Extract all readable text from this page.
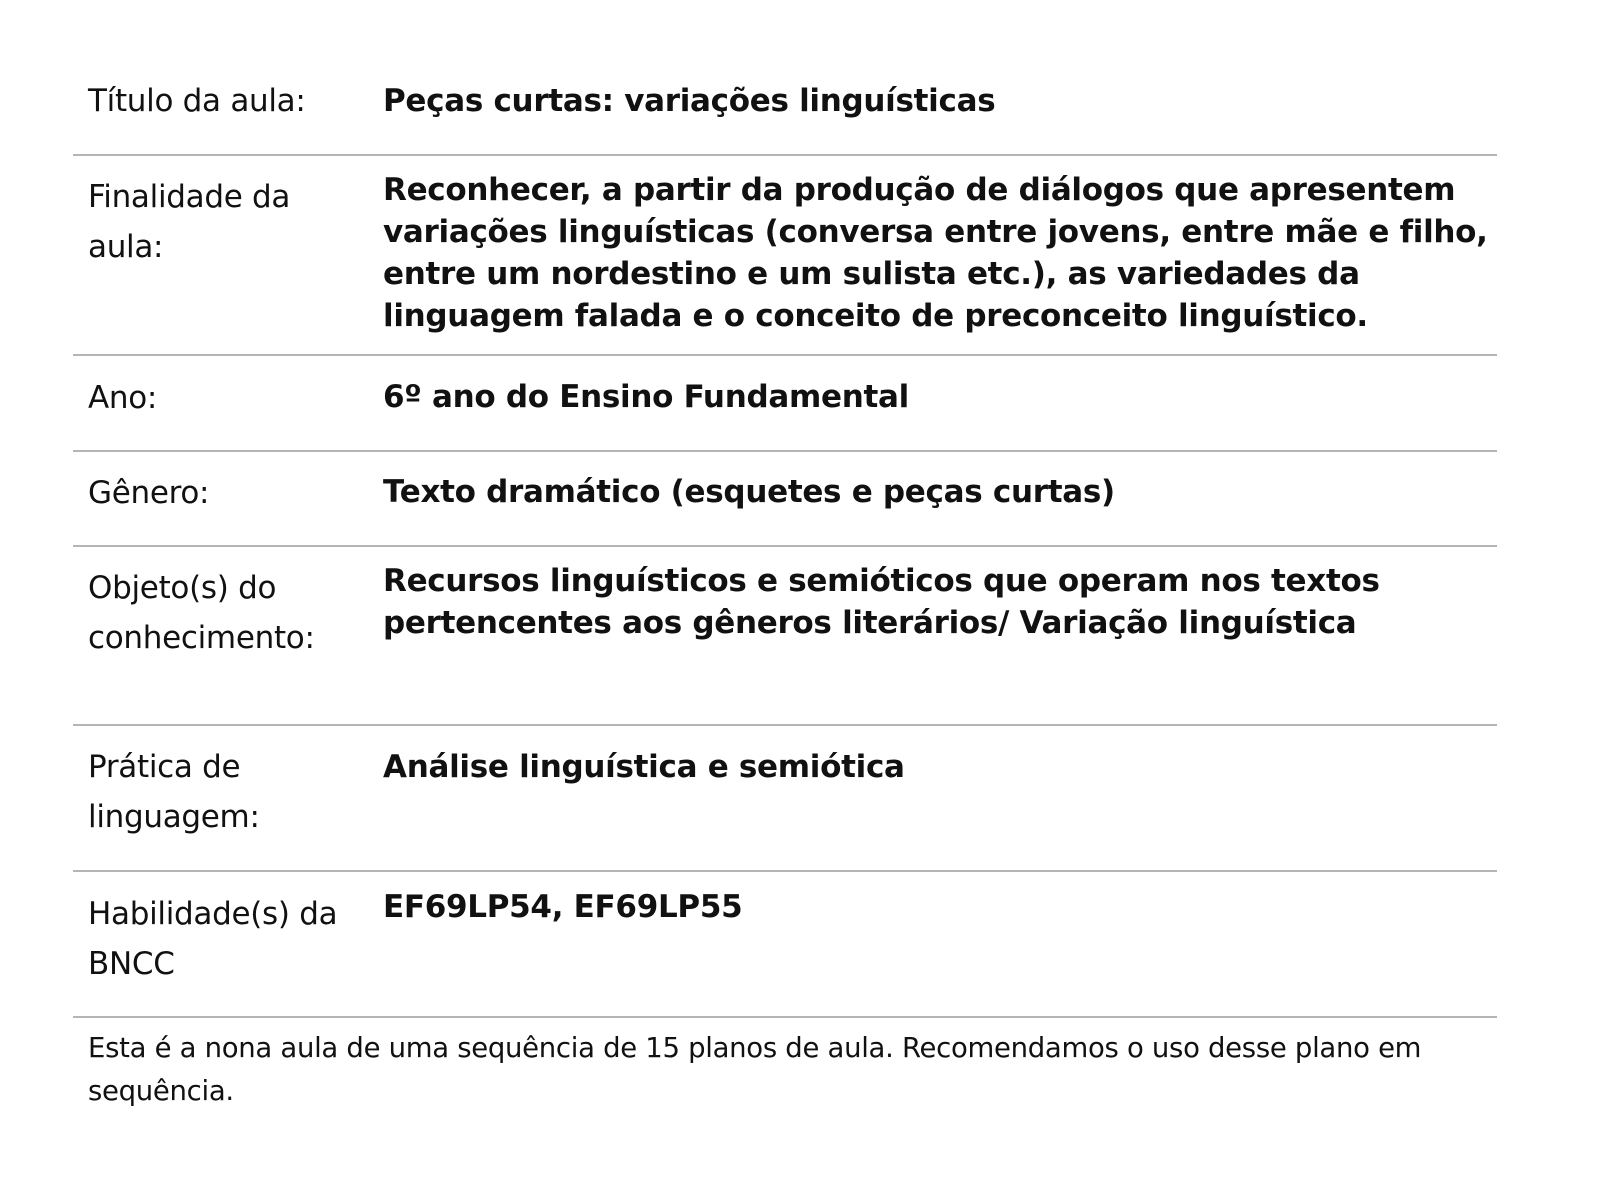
Título da aula:	Peças curtas: variações linguísticas
Finalidade da aula:
Reconhecer, a partir da produção de diálogos que apresentem variações linguísticas (conversa entre jovens, entre mãe e filho, entre um nordestino e um sulista etc.), as variedades da linguagem falada e o conceito de preconceito linguístico.
Ano:	6º ano do Ensino Fundamental
Gênero:	Texto dramático (esquetes e peças curtas)
Objeto(s) do conhecimento:
Recursos linguísticos e semióticos que operam nos textos pertencentes aos gêneros literários/ Variação linguística
Prática de linguagem:
Análise linguística e semiótica
Habilidade(s) da BNCC
EF69LP54, EF69LP55
Esta é a nona aula de uma sequência de 15 planos de aula. Recomendamos o uso desse plano em sequência.
